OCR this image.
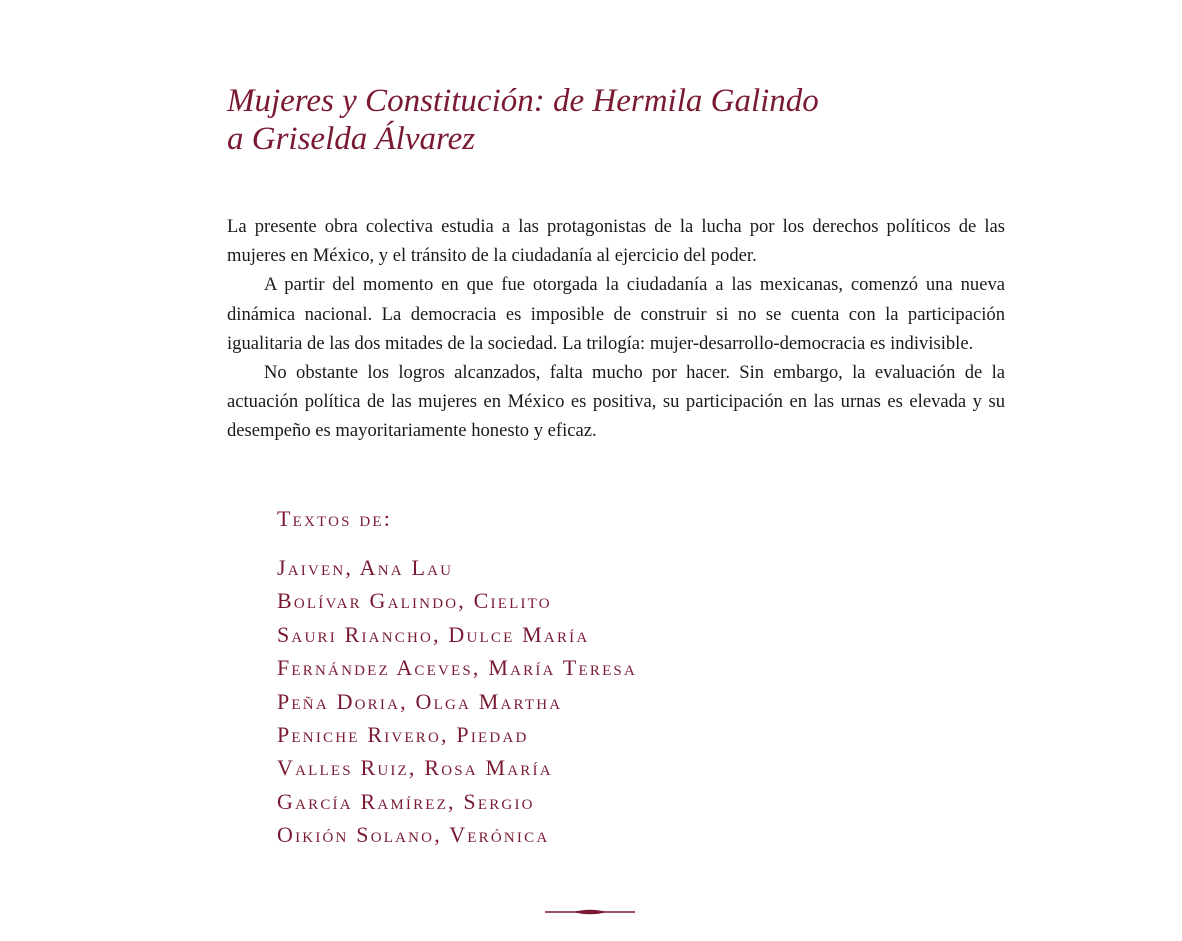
Mujeres y Constitución: de Hermila Galindo
a Griselda Álvarez

La presente obra colectiva estudia a las protagonistas de la lucha por los derechos políticos de las mujeres en México, y el tránsito de la ciudadanía al ejercicio del poder.

A partir del momento en que fue otorgada la ciudadanía a las mexicanas, comenzó una nueva dinámica nacional. La democracia es imposible de construir si no se cuenta con la participación igualitaria de las dos mitades de la sociedad. La trilogía: mujer-desarrollo-democracia es indivisible.

No obstante los logros alcanzados, falta mucho por hacer. Sin embargo, la evaluación de la actuación política de las mujeres en México es positiva, su participación en las urnas es elevada y su desempeño es mayoritariamente honesto y eficaz.

Textos de:
Jaiven, Ana Lau
Bolívar Galindo, Cielito
Sauri Riancho, Dulce María
Fernández Aceves, María Teresa
Peña Doria, Olga Martha
Peniche Rivero, Piedad
Valles Ruiz, Rosa María
García Ramírez, Sergio
Oikión Solano, Verónica
